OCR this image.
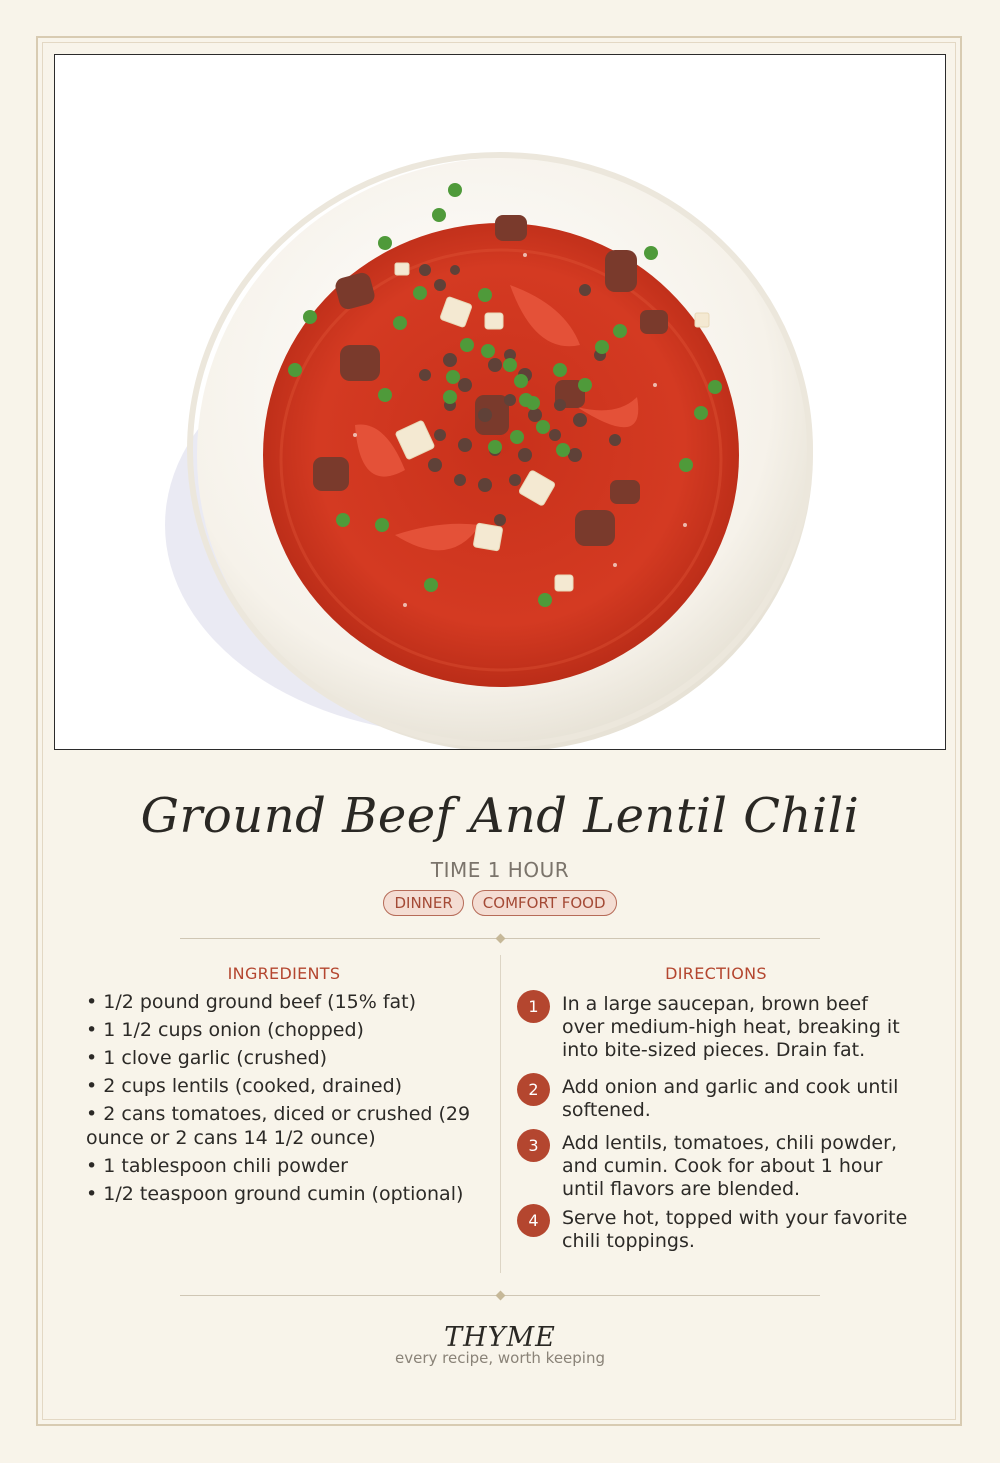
Ground Beef And Lentil Chili
TIME 1 HOUR
DINNER	COMFORT FOOD
INGREDIENTS
• 1/2 pound ground beef (15% fat)
• 1 1/2 cups onion (chopped)
• 1 clove garlic (crushed)
• 2 cups lentils (cooked, drained)
• 2 cans tomatoes, diced or crushed (29 ounce or 2 cans 14 1/2 ounce)
• 1 tablespoon chili powder
• 1/2 teaspoon ground cumin (optional)
DIRECTIONS
1	In a large saucepan, brown beef over medium-high heat, breaking it into bite-sized pieces. Drain fat.
2	Add onion and garlic and cook until softened.
3	Add lentils, tomatoes, chili powder, and cumin. Cook for about 1 hour until flavors are blended.
4	Serve hot, topped with your favorite chili toppings.
THYME
every recipe, worth keeping
